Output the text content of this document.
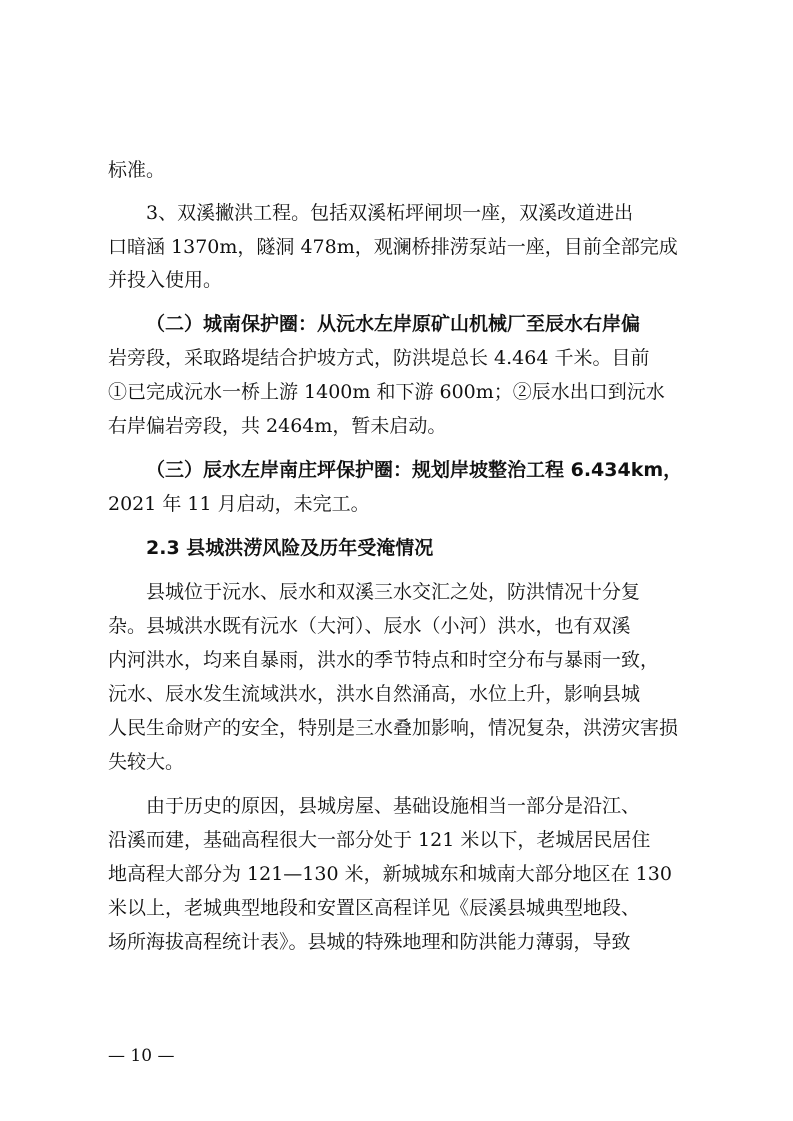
标准。
3、双溪撇洪工程。包括双溪柘坪闸坝一座，双溪改道进出
口暗涵 1370m，隧洞 478m，观澜桥排涝泵站一座，目前全部完成
并投入使用。
（二）城南保护圈：从沅水左岸原矿山机械厂至辰水右岸偏
岩旁段，采取路堤结合护坡方式，防洪堤总长 4.464 千米。目前
①已完成沅水一桥上游 1400m 和下游 600m；②辰水出口到沅水
右岸偏岩旁段，共 2464m，暂未启动。
（三）辰水左岸南庄坪保护圈：规划岸坡整治工程 6.434km，
2021 年 11 月启动，未完工。
2.3 县城洪涝风险及历年受淹情况
县城位于沅水、辰水和双溪三水交汇之处，防洪情况十分复
杂。县城洪水既有沅水（大河）、辰水（小河）洪水，也有双溪
内河洪水，均来自暴雨，洪水的季节特点和时空分布与暴雨一致，
沅水、辰水发生流域洪水，洪水自然涌高，水位上升，影响县城
人民生命财产的安全，特别是三水叠加影响，情况复杂，洪涝灾害损
失较大。
由于历史的原因，县城房屋、基础设施相当一部分是沿江、
沿溪而建，基础高程很大一部分处于 121 米以下，老城居民居住
地高程大部分为 121—130 米，新城城东和城南大部分地区在 130
米以上，老城典型地段和安置区高程详见《辰溪县城典型地段、
场所海拔高程统计表》。县城的特殊地理和防洪能力薄弱，导致
— 10 —
